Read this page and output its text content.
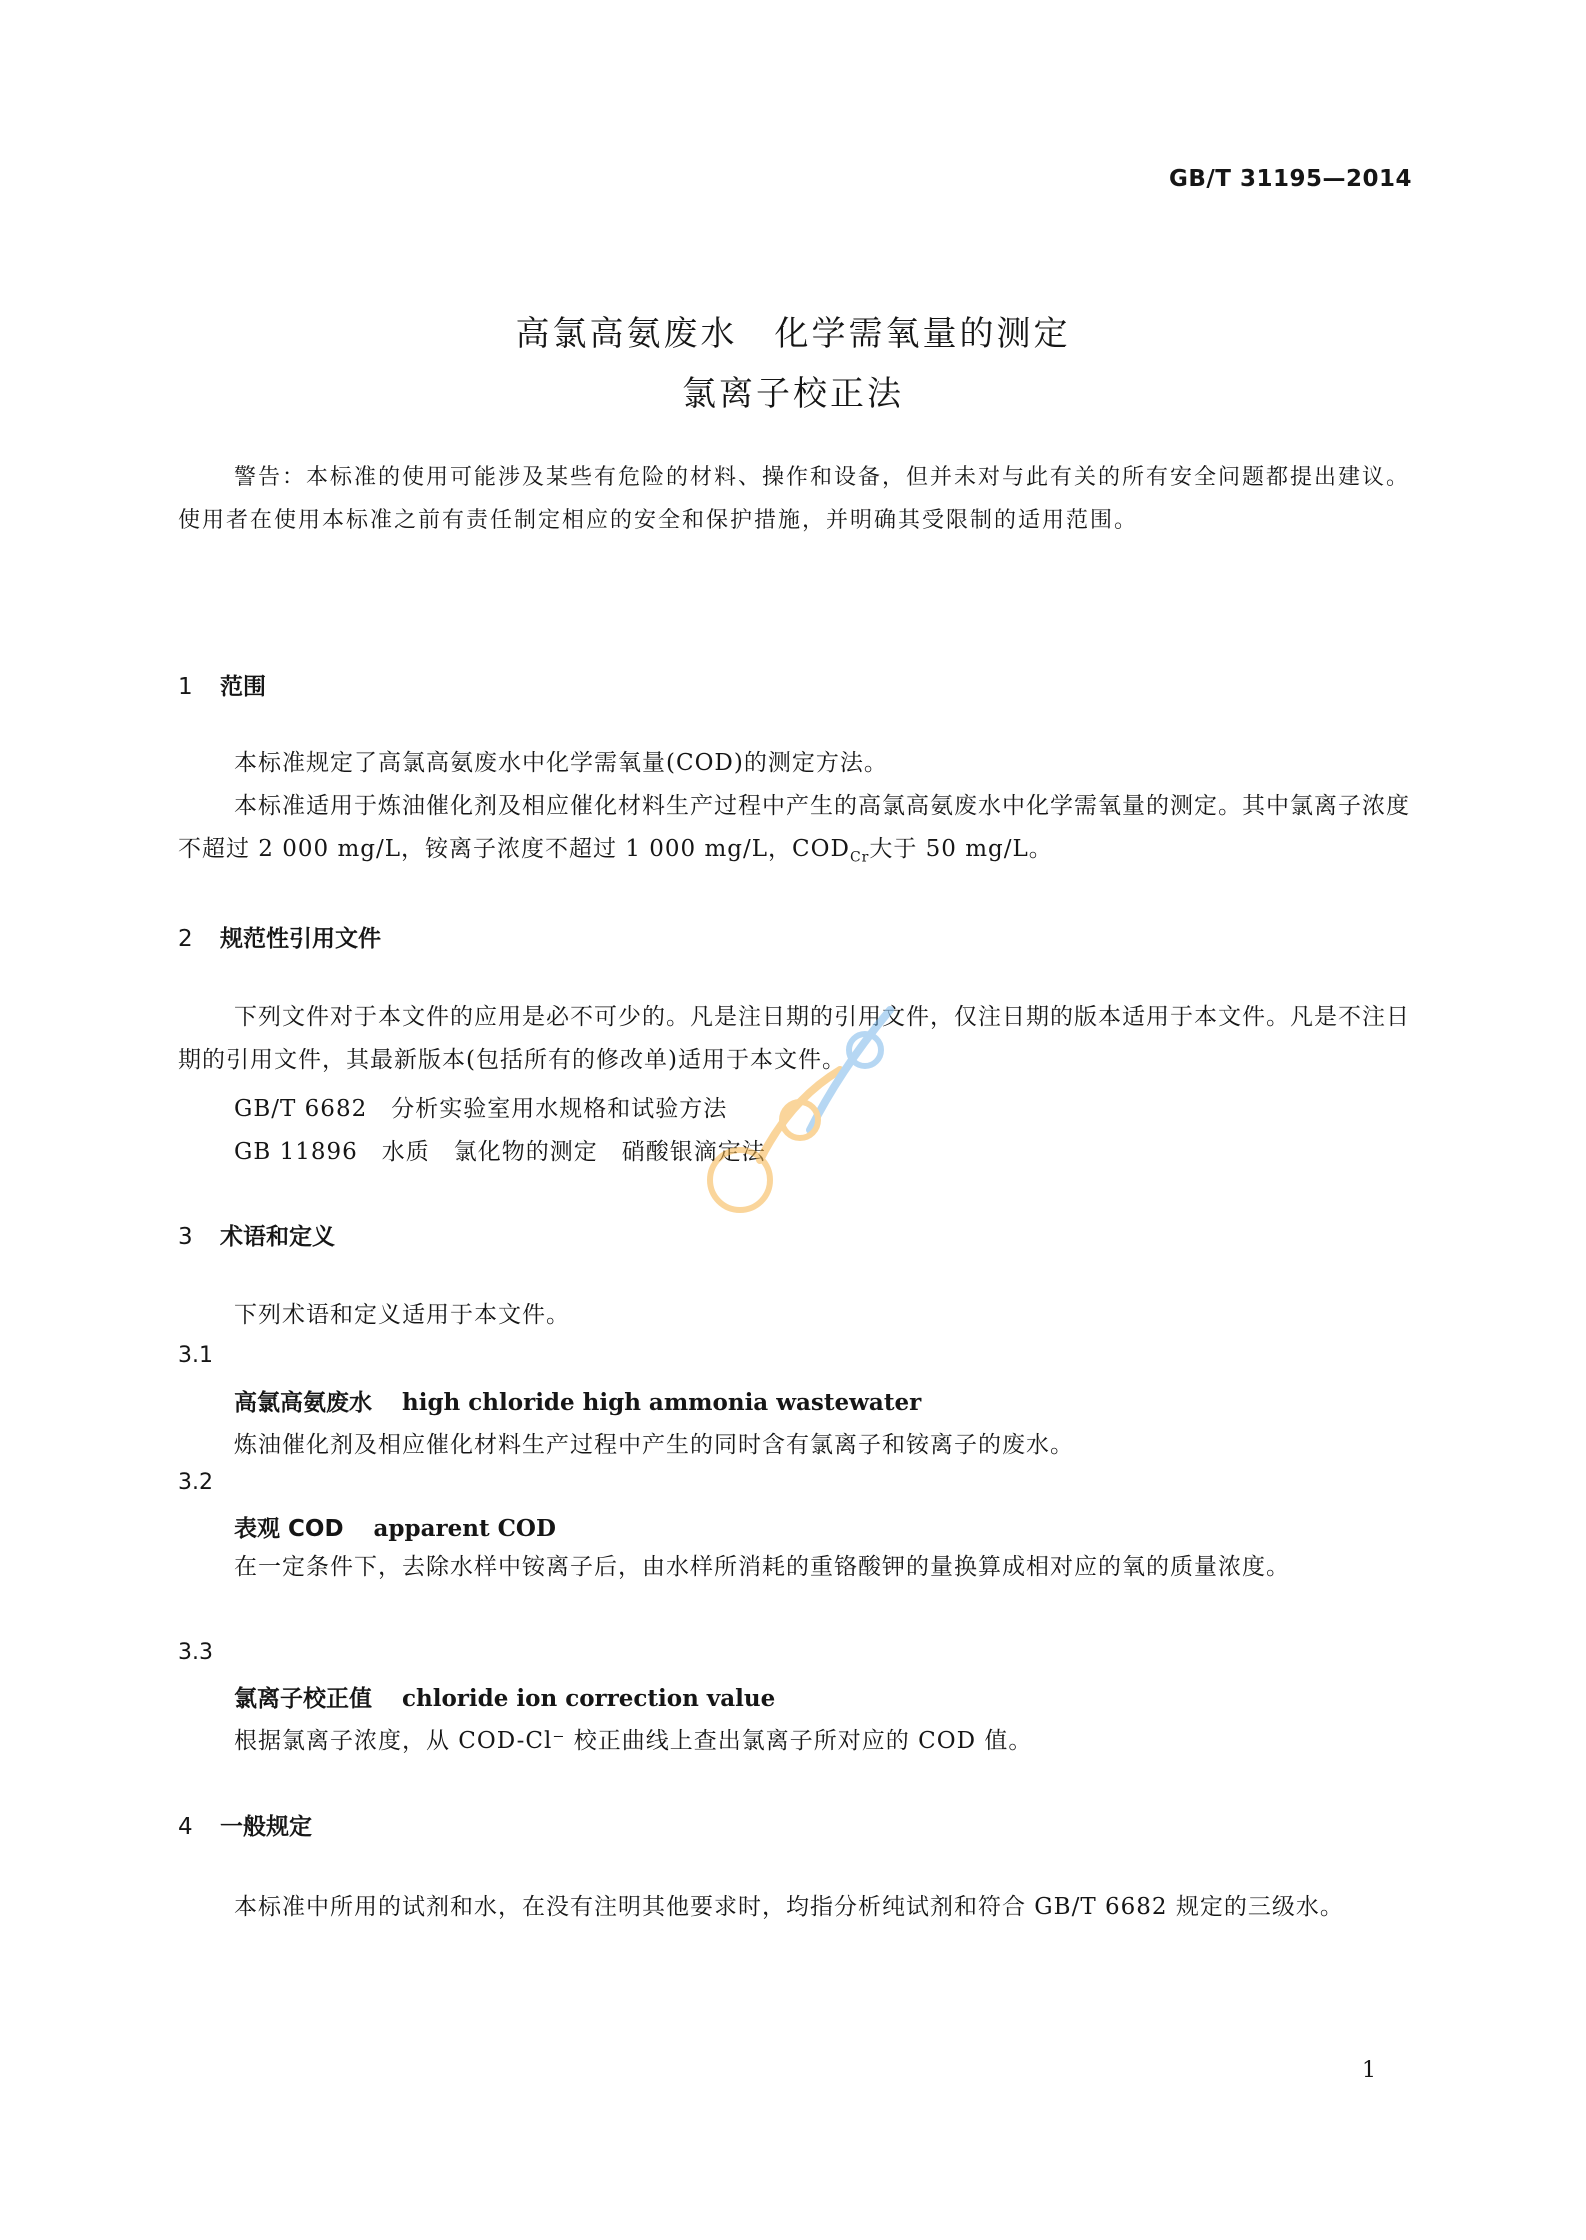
GB/T 31195—2014
高氯高氨废水　化学需氧量的测定
氯离子校正法
警告：本标准的使用可能涉及某些有危险的材料、操作和设备，但并未对与此有关的所有安全问题都提出建议。使用者在使用本标准之前有责任制定相应的安全和保护措施，并明确其受限制的适用范围。
1 范围
本标准规定了高氯高氨废水中化学需氧量(COD)的测定方法。
本标准适用于炼油催化剂及相应催化材料生产过程中产生的高氯高氨废水中化学需氧量的测定。其中氯离子浓度不超过 2 000 mg/L，铵离子浓度不超过 1 000 mg/L，$COD_{Cr}$大于 50 mg/L。
2 规范性引用文件
下列文件对于本文件的应用是必不可少的。凡是注日期的引用文件，仅注日期的版本适用于本文件。凡是不注日期的引用文件，其最新版本(包括所有的修改单)适用于本文件。
GB/T 6682　分析实验室用水规格和试验方法
GB 11896　水质　氯化物的测定　硝酸银滴定法
3 术语和定义
下列术语和定义适用于本文件。
3.1
高氯高氨废水 high chloride high ammonia wastewater
炼油催化剂及相应催化材料生产过程中产生的同时含有氯离子和铵离子的废水。
3.2
表观 COD apparent COD
在一定条件下，去除水样中铵离子后，由水样所消耗的重铬酸钾的量换算成相对应的氧的质量浓度。
3.3
氯离子校正值 chloride ion correction value
根据氯离子浓度，从 COD-Cl⁻ 校正曲线上查出氯离子所对应的 COD 值。
4 一般规定
本标准中所用的试剂和水，在没有注明其他要求时，均指分析纯试剂和符合 GB/T 6682 规定的三级水。
1
